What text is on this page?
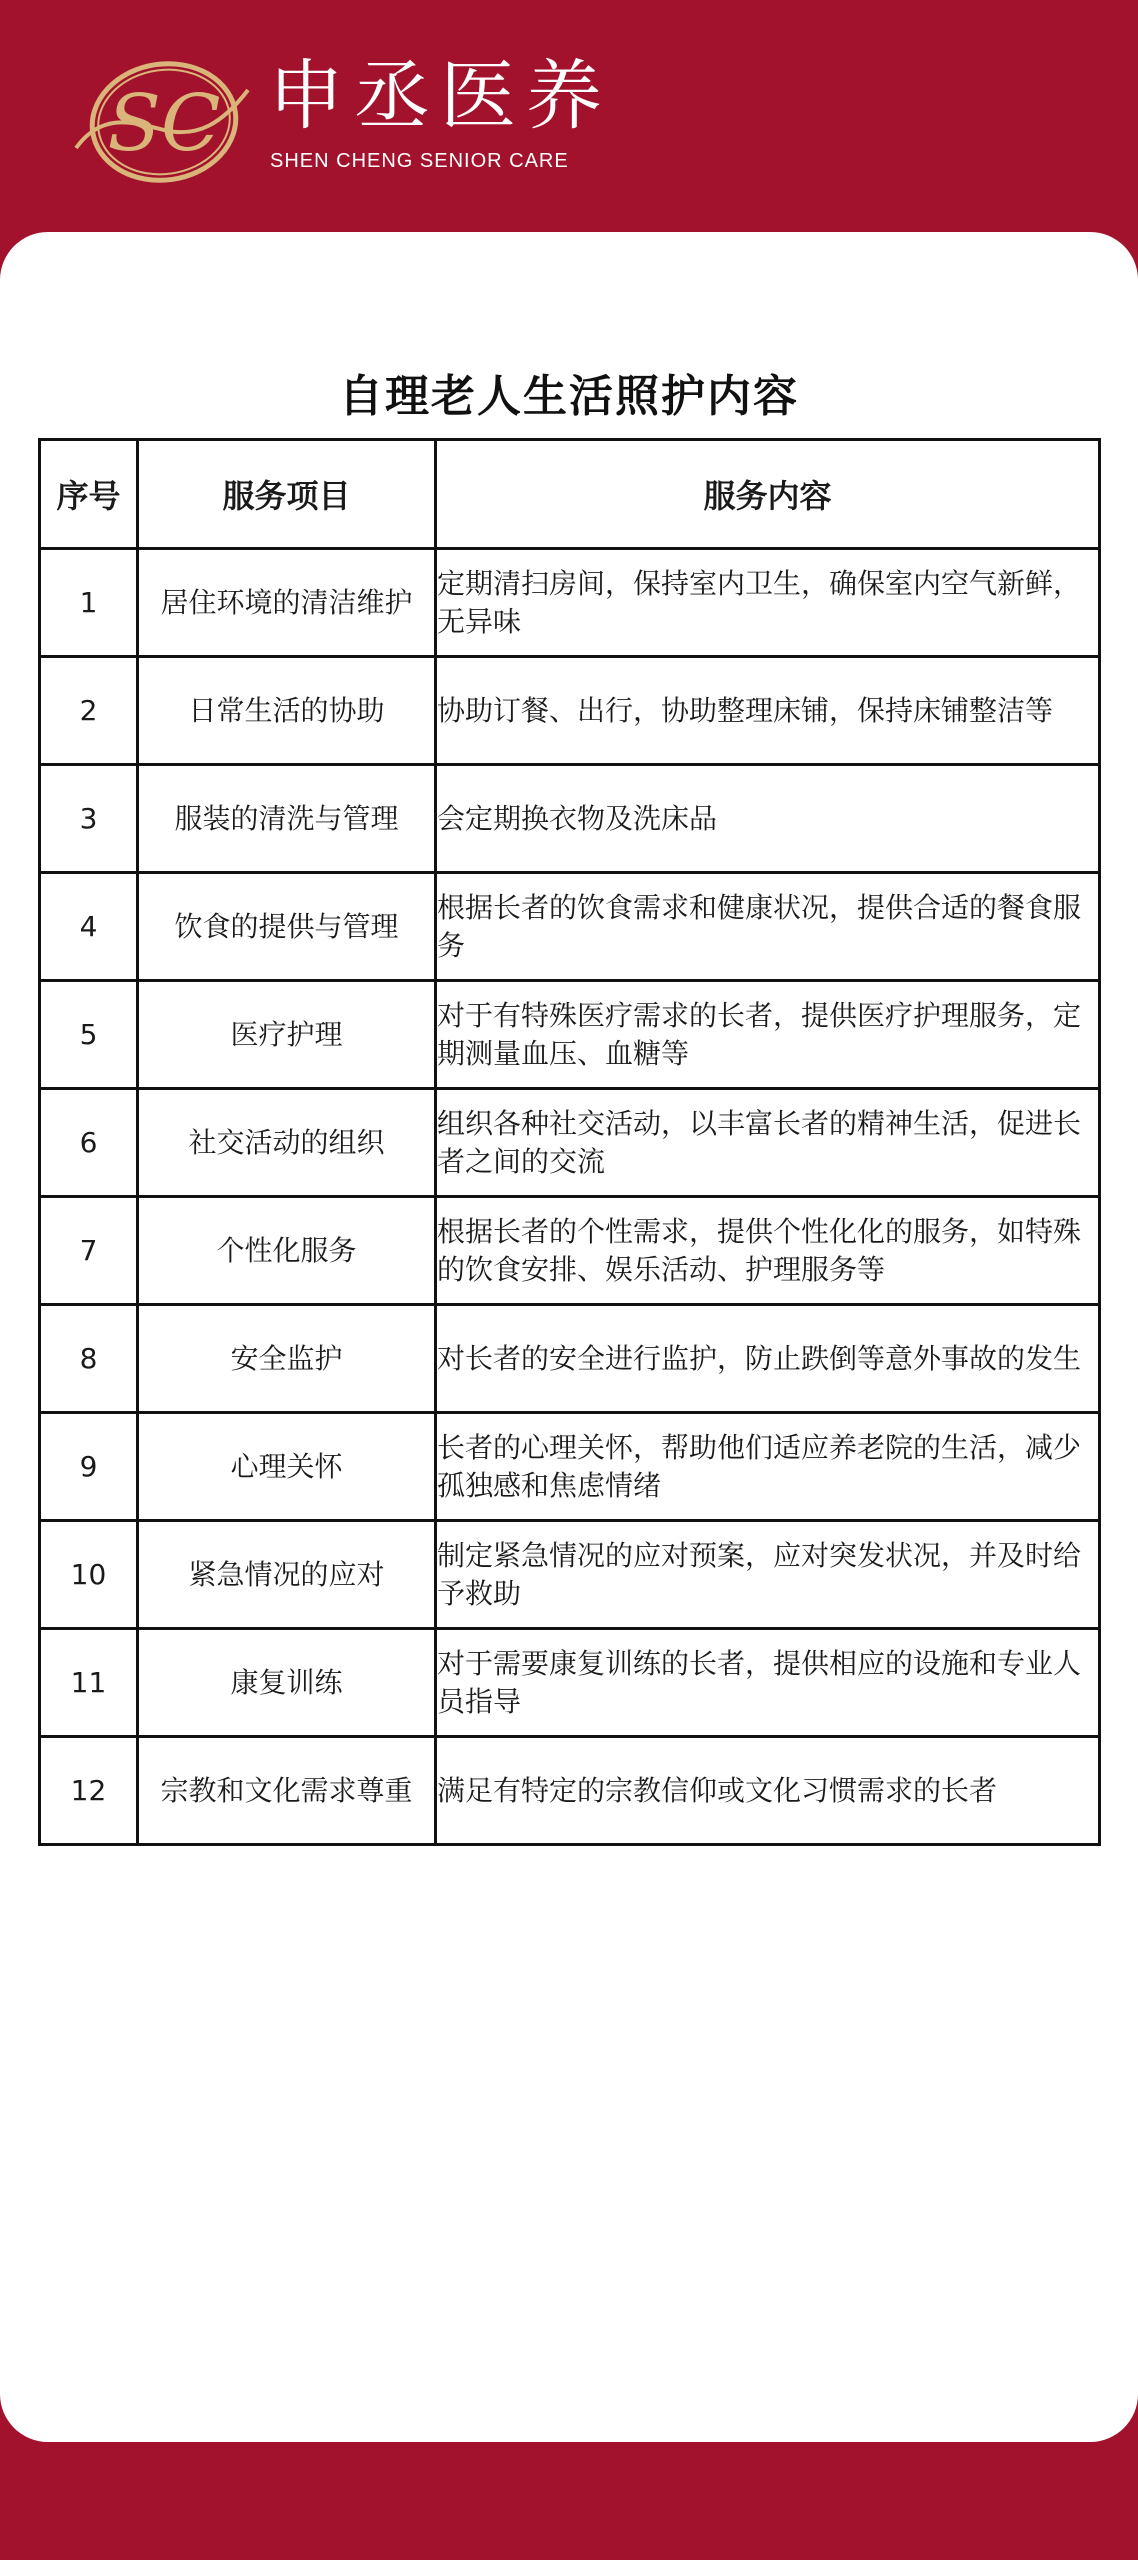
SC 申丞医养
SHEN CHENG SENIOR CARE
自理老人生活照护内容
序号	服务项目	服务内容
1	居住环境的清洁维护	定期清扫房间，保持室内卫生，确保室内空气新鲜，无异味
2	日常生活的协助	协助订餐、出行，协助整理床铺，保持床铺整洁等
3	服装的清洗与管理	会定期换衣物及洗床品
4	饮食的提供与管理	根据长者的饮食需求和健康状况，提供合适的餐食服务
5	医疗护理	对于有特殊医疗需求的长者，提供医疗护理服务，定期测量血压、血糖等
6	社交活动的组织	组织各种社交活动，以丰富长者的精神生活，促进长者之间的交流
7	个性化服务	根据长者的个性需求，提供个性化化的服务，如特殊的饮食安排、娱乐活动、护理服务等
8	安全监护	对长者的安全进行监护，防止跌倒等意外事故的发生
9	心理关怀	长者的心理关怀，帮助他们适应养老院的生活，减少孤独感和焦虑情绪
10	紧急情况的应对	制定紧急情况的应对预案，应对突发状况，并及时给予救助
11	康复训练	对于需要康复训练的长者，提供相应的设施和专业人员指导
12	宗教和文化需求尊重	满足有特定的宗教信仰或文化习惯需求的长者
